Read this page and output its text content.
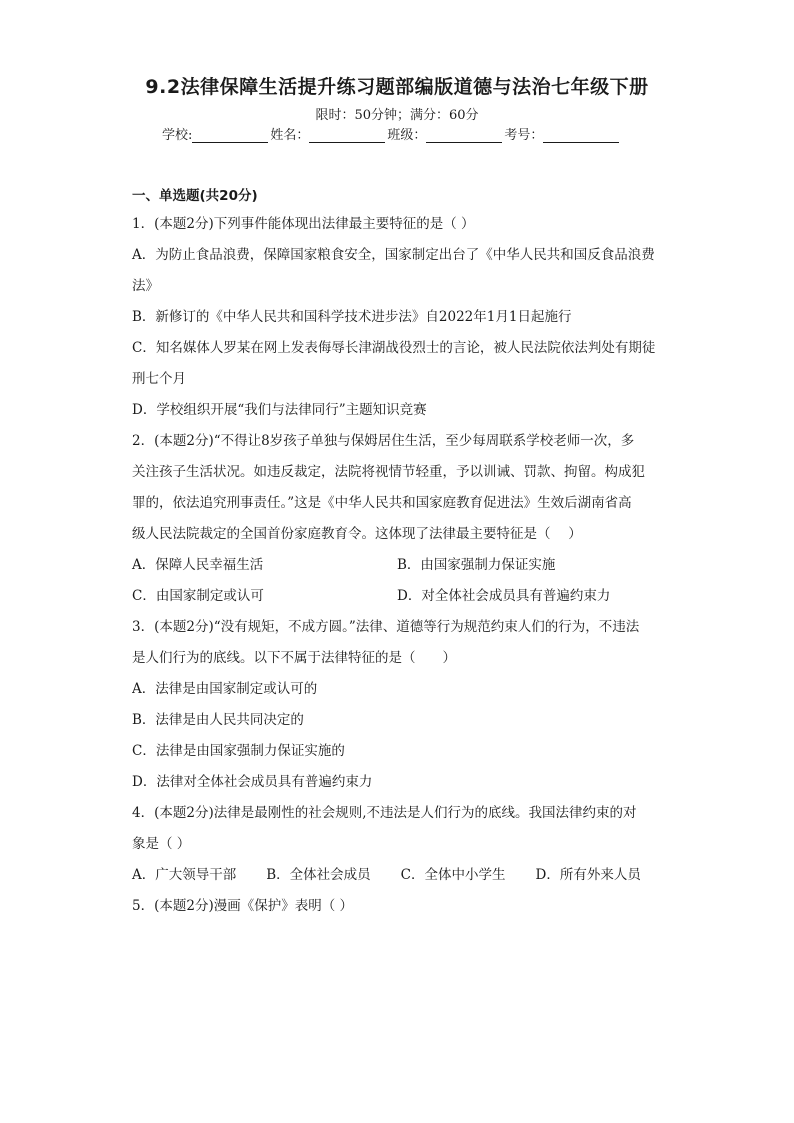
9.2法律保障生活提升练习题部编版道德与法治七年级下册
限时：50分钟；满分：60分
学校:	姓名：	班级：	考号：
一、单选题(共20分)
1．(本题2分)下列事件能体现出法律最主要特征的是（ ）
A．为防止食品浪费，保障国家粮食安全，国家制定出台了《中华人民共和国反食品浪费法》
B．新修订的《中华人民共和国科学技术进步法》自2022年1月1日起施行
C．知名媒体人罗某在网上发表侮辱长津湖战役烈士的言论，被人民法院依法判处有期徒刑七个月
D．学校组织开展“我们与法律同行”主题知识竞赛
2．(本题2分)“不得让8岁孩子单独与保姆居住生活，至少每周联系学校老师一次，多
关注孩子生活状况。如违反裁定，法院将视情节轻重，予以训诫、罚款、拘留。构成犯
罪的，依法追究刑事责任。”这是《中华人民共和国家庭教育促进法》生效后湖南省高
级人民法院裁定的全国首份家庭教育令。这体现了法律最主要特征是（　 ）
A．保障人民幸福生活	B．由国家强制力保证实施
C．由国家制定或认可	D．对全体社会成员具有普遍约束力
3．(本题2分)“没有规矩，不成方圆。”法律、道德等行为规范约束人们的行为，不违法
是人们行为的底线。以下不属于法律特征的是（　　）
A．法律是由国家制定或认可的
B．法律是由人民共同决定的
C．法律是由国家强制力保证实施的
D．法律对全体社会成员具有普遍约束力
4．(本题2分)法律是最刚性的社会规则,不违法是人们行为的底线。我国法律约束的对
象是（ ）
A．广大领导干部 B．全体社会成员 C．全体中小学生 D．所有外来人员
5．(本题2分)漫画《保护》表明（ ）
